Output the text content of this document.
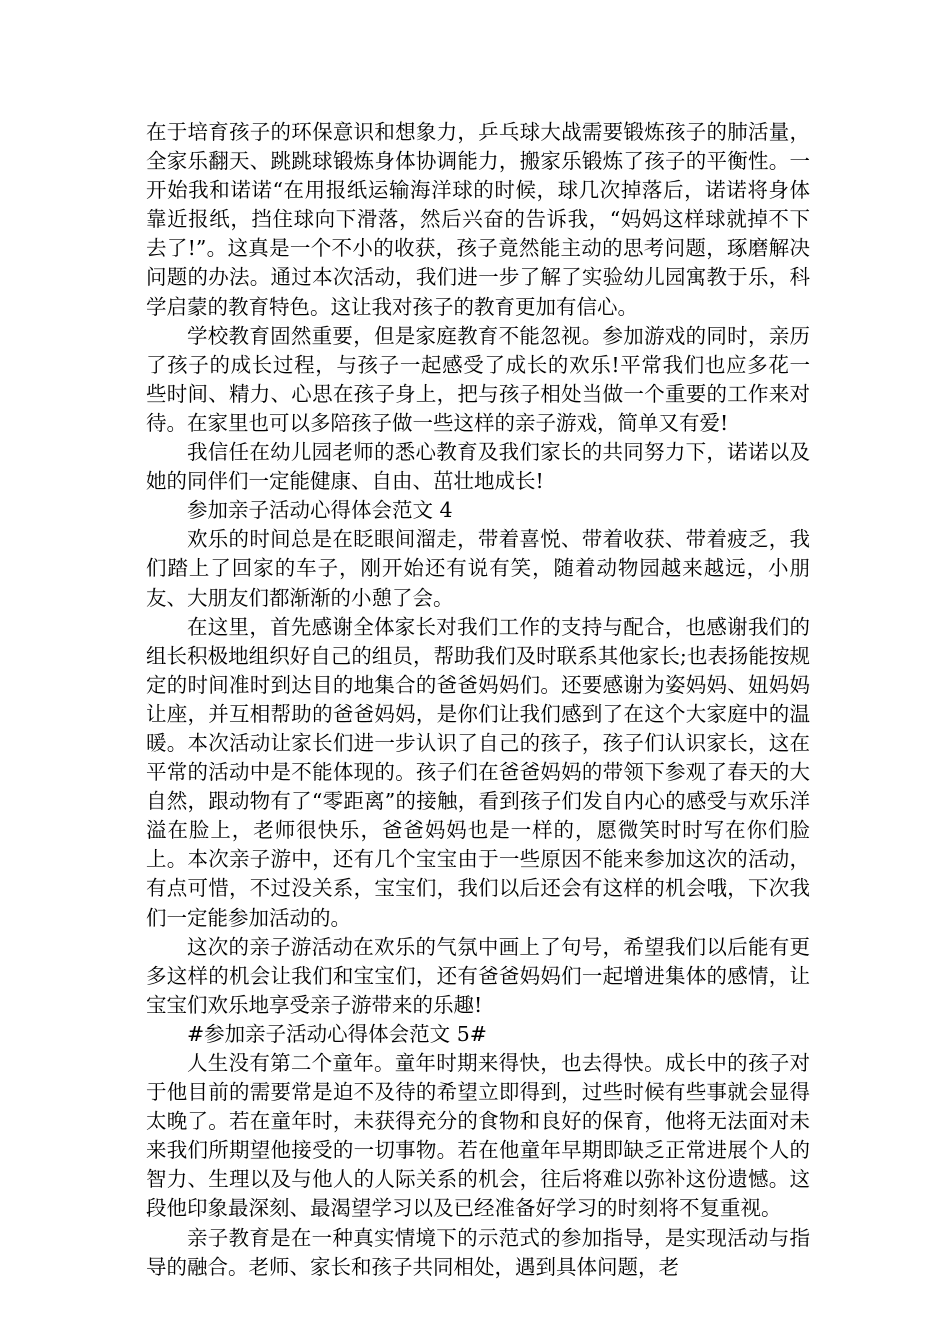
在于培育孩子的环保意识和想象力，乒乓球大战需要锻炼孩子的肺活量，全家乐翻天、跳跳球锻炼身体协调能力，搬家乐锻炼了孩子的平衡性。一开始我和诺诺“在用报纸运输海洋球的时候，球几次掉落后，诺诺将身体靠近报纸，挡住球向下滑落，然后兴奋的告诉我，“妈妈这样球就掉不下去了!”。这真是一个不小的收获，孩子竟然能主动的思考问题，琢磨解决问题的办法。通过本次活动，我们进一步了解了实验幼儿园寓教于乐，科学启蒙的教育特色。这让我对孩子的教育更加有信心。

学校教育固然重要，但是家庭教育不能忽视。参加游戏的同时，亲历了孩子的成长过程，与孩子一起感受了成长的欢乐!平常我们也应多花一些时间、精力、心思在孩子身上，把与孩子相处当做一个重要的工作来对待。在家里也可以多陪孩子做一些这样的亲子游戏，简单又有爱!

我信任在幼儿园老师的悉心教育及我们家长的共同努力下，诺诺以及她的同伴们一定能健康、自由、茁壮地成长!

参加亲子活动心得体会范文 4

欢乐的时间总是在眨眼间溜走，带着喜悦、带着收获、带着疲乏，我们踏上了回家的车子，刚开始还有说有笑，随着动物园越来越远，小朋友、大朋友们都渐渐的小憩了会。

在这里，首先感谢全体家长对我们工作的支持与配合，也感谢我们的组长积极地组织好自己的组员，帮助我们及时联系其他家长;也表扬能按规定的时间准时到达目的地集合的爸爸妈妈们。还要感谢为姿妈妈、妞妈妈让座，并互相帮助的爸爸妈妈，是你们让我们感到了在这个大家庭中的温暖。本次活动让家长们进一步认识了自己的孩子，孩子们认识家长，这在平常的活动中是不能体现的。孩子们在爸爸妈妈的带领下参观了春天的大自然，跟动物有了“零距离”的接触，看到孩子们发自内心的感受与欢乐洋溢在脸上，老师很快乐，爸爸妈妈也是一样的，愿微笑时时写在你们脸上。本次亲子游中，还有几个宝宝由于一些原因不能来参加这次的活动，有点可惜，不过没关系，宝宝们，我们以后还会有这样的机会哦，下次我们一定能参加活动的。

这次的亲子游活动在欢乐的气氛中画上了句号，希望我们以后能有更多这样的机会让我们和宝宝们，还有爸爸妈妈们一起增进集体的感情，让宝宝们欢乐地享受亲子游带来的乐趣!

#参加亲子活动心得体会范文 5#

人生没有第二个童年。童年时期来得快，也去得快。成长中的孩子对于他目前的需要常是迫不及待的希望立即得到，过些时候有些事就会显得太晚了。若在童年时，未获得充分的食物和良好的保育，他将无法面对未来我们所期望他接受的一切事物。若在他童年早期即缺乏正常进展个人的智力、生理以及与他人的人际关系的机会，往后将难以弥补这份遗憾。这段他印象最深刻、最渴望学习以及已经准备好学习的时刻将不复重视。

亲子教育是在一种真实情境下的示范式的参加指导，是实现活动与指导的融合。老师、家长和孩子共同相处，遇到具体问题，老
